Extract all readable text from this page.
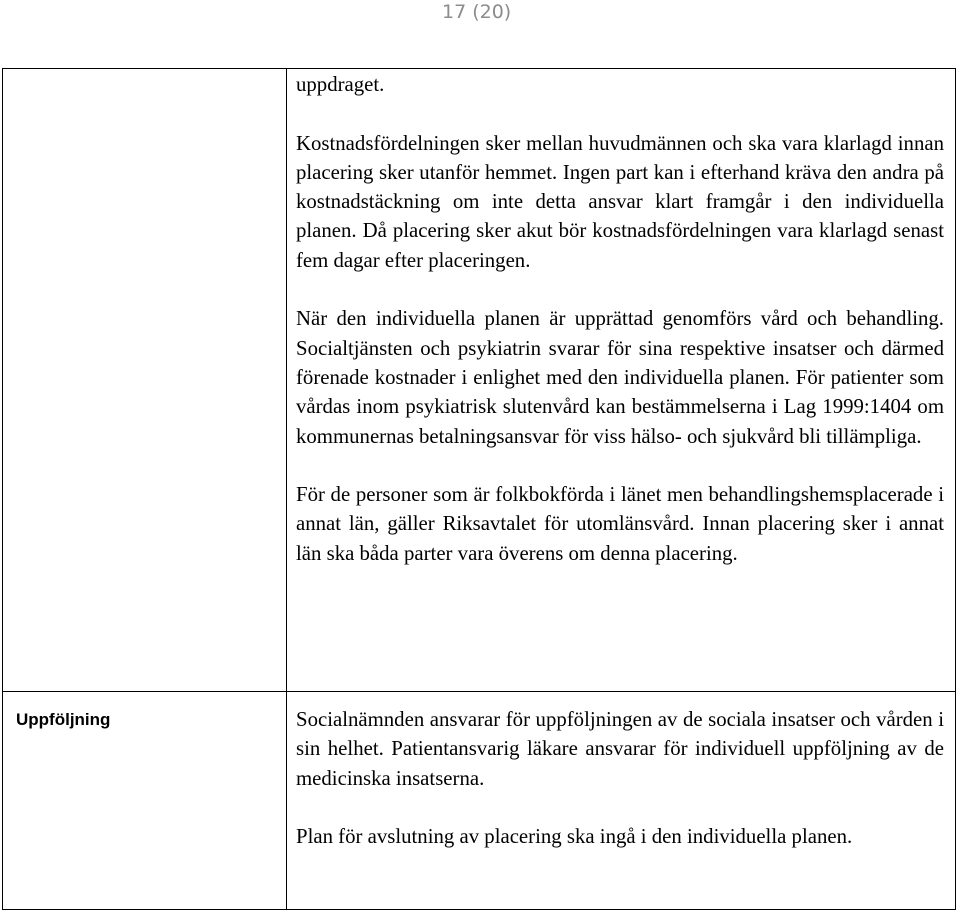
17 (20)

uppdraget.

Kostnadsfördelningen sker mellan huvudmännen och ska vara klarlagd innan placering sker utanför hemmet. Ingen part kan i efterhand kräva den andra på kostnadstäckning om inte detta ansvar klart framgår i den individuella planen. Då placering sker akut bör kostnadsfördelningen vara klarlagd senast fem dagar efter placeringen.

När den individuella planen är upprättad genomförs vård och behandling. Socialtjänsten och psykiatrin svarar för sina respektive insatser och därmed förenade kostnader i enlighet med den individuella planen. För patienter som vårdas inom psykiatrisk slutenvård kan bestämmelserna i Lag 1999:1404 om kommunernas betalningsansvar för viss hälso- och sjukvård bli tillämpliga.

För de personer som är folkbokförda i länet men behandlingshemsplacerade i annat län, gäller Riksavtalet för utomlänsvård. Innan placering sker i annat län ska båda parter vara överens om denna placering.

Uppföljning	Socialnämnden ansvarar för uppföljningen av de sociala insatser och vården i sin helhet. Patientansvarig läkare ansvarar för individuell uppföljning av de medicinska insatserna.

Plan för avslutning av placering ska ingå i den individuella planen.
